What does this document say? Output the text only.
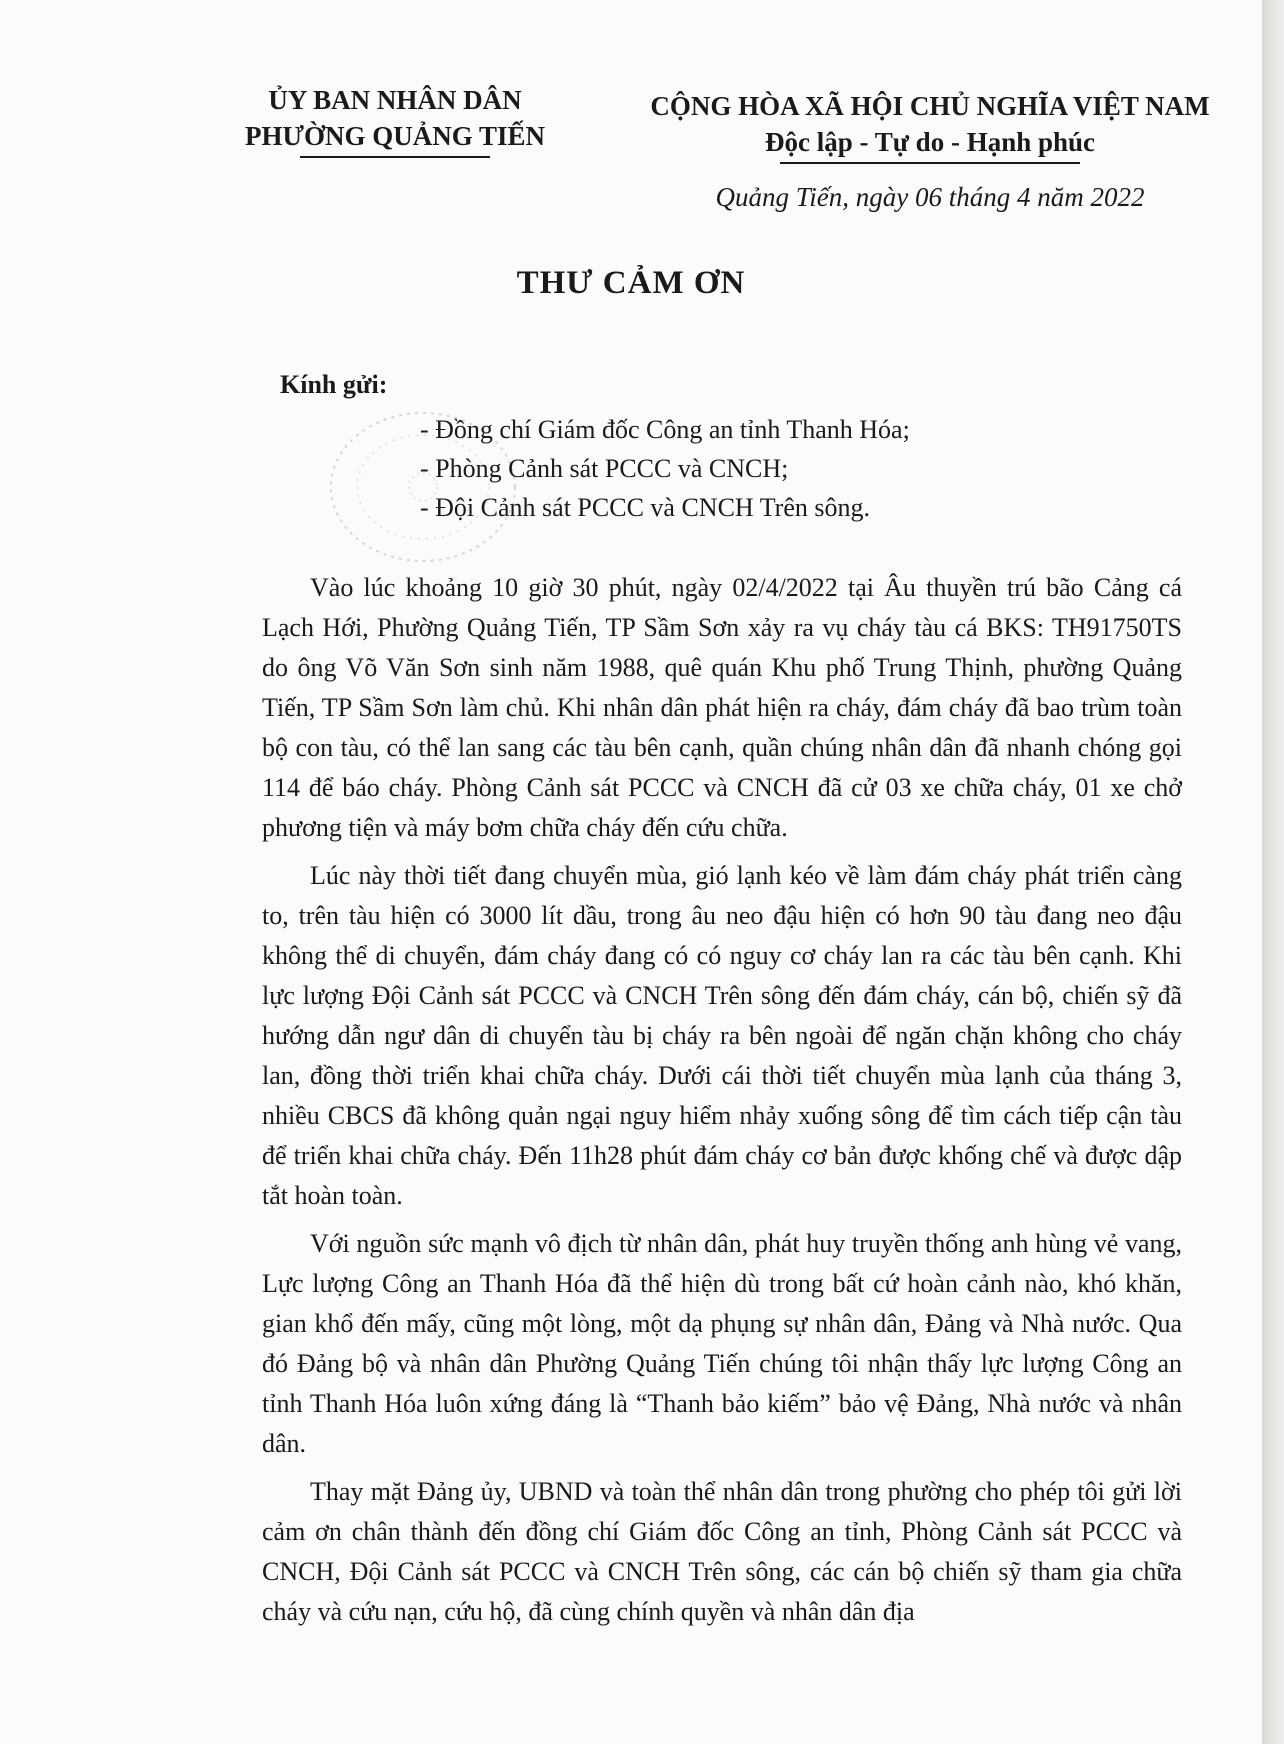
ỦY BAN NHÂN DÂN
PHƯỜNG QUẢNG TIẾN
CỘNG HÒA XÃ HỘI CHỦ NGHĨA VIỆT NAM
Độc lập - Tự do - Hạnh phúc
Quảng Tiến, ngày 06 tháng 4 năm 2022
THƯ CẢM ƠN
Kính gửi:
- Đồng chí Giám đốc Công an tỉnh Thanh Hóa;
- Phòng Cảnh sát PCCC và CNCH;
- Đội Cảnh sát PCCC và CNCH Trên sông.

Vào lúc khoảng 10 giờ 30 phút, ngày 02/4/2022 tại Âu thuyền trú bão Cảng cá Lạch Hới, Phường Quảng Tiến, TP Sầm Sơn xảy ra vụ cháy tàu cá BKS: TH91750TS do ông Võ Văn Sơn sinh năm 1988, quê quán Khu phố Trung Thịnh, phường Quảng Tiến, TP Sầm Sơn làm chủ. Khi nhân dân phát hiện ra cháy, đám cháy đã bao trùm toàn bộ con tàu, có thể lan sang các tàu bên cạnh, quần chúng nhân dân đã nhanh chóng gọi 114 để báo cháy. Phòng Cảnh sát PCCC và CNCH đã cử 03 xe chữa cháy, 01 xe chở phương tiện và máy bơm chữa cháy đến cứu chữa.

Lúc này thời tiết đang chuyển mùa, gió lạnh kéo về làm đám cháy phát triển càng to, trên tàu hiện có 3000 lít dầu, trong âu neo đậu hiện có hơn 90 tàu đang neo đậu không thể di chuyển, đám cháy đang có có nguy cơ cháy lan ra các tàu bên cạnh. Khi lực lượng Đội Cảnh sát PCCC và CNCH Trên sông đến đám cháy, cán bộ, chiến sỹ đã hướng dẫn ngư dân di chuyển tàu bị cháy ra bên ngoài để ngăn chặn không cho cháy lan, đồng thời triển khai chữa cháy. Dưới cái thời tiết chuyển mùa lạnh của tháng 3, nhiều CBCS đã không quản ngại nguy hiểm nhảy xuống sông để tìm cách tiếp cận tàu để triển khai chữa cháy. Đến 11h28 phút đám cháy cơ bản được khống chế và được dập tắt hoàn toàn.

Với nguồn sức mạnh vô địch từ nhân dân, phát huy truyền thống anh hùng vẻ vang, Lực lượng Công an Thanh Hóa đã thể hiện dù trong bất cứ hoàn cảnh nào, khó khăn, gian khổ đến mấy, cũng một lòng, một dạ phụng sự nhân dân, Đảng và Nhà nước. Qua đó Đảng bộ và nhân dân Phường Quảng Tiến chúng tôi nhận thấy lực lượng Công an tỉnh Thanh Hóa luôn xứng đáng là “Thanh bảo kiếm” bảo vệ Đảng, Nhà nước và nhân dân.

Thay mặt Đảng ủy, UBND và toàn thể nhân dân trong phường cho phép tôi gửi lời cảm ơn chân thành đến đồng chí Giám đốc Công an tỉnh, Phòng Cảnh sát PCCC và CNCH, Đội Cảnh sát PCCC và CNCH Trên sông, các cán bộ chiến sỹ tham gia chữa cháy và cứu nạn, cứu hộ, đã cùng chính quyền và nhân dân địa
